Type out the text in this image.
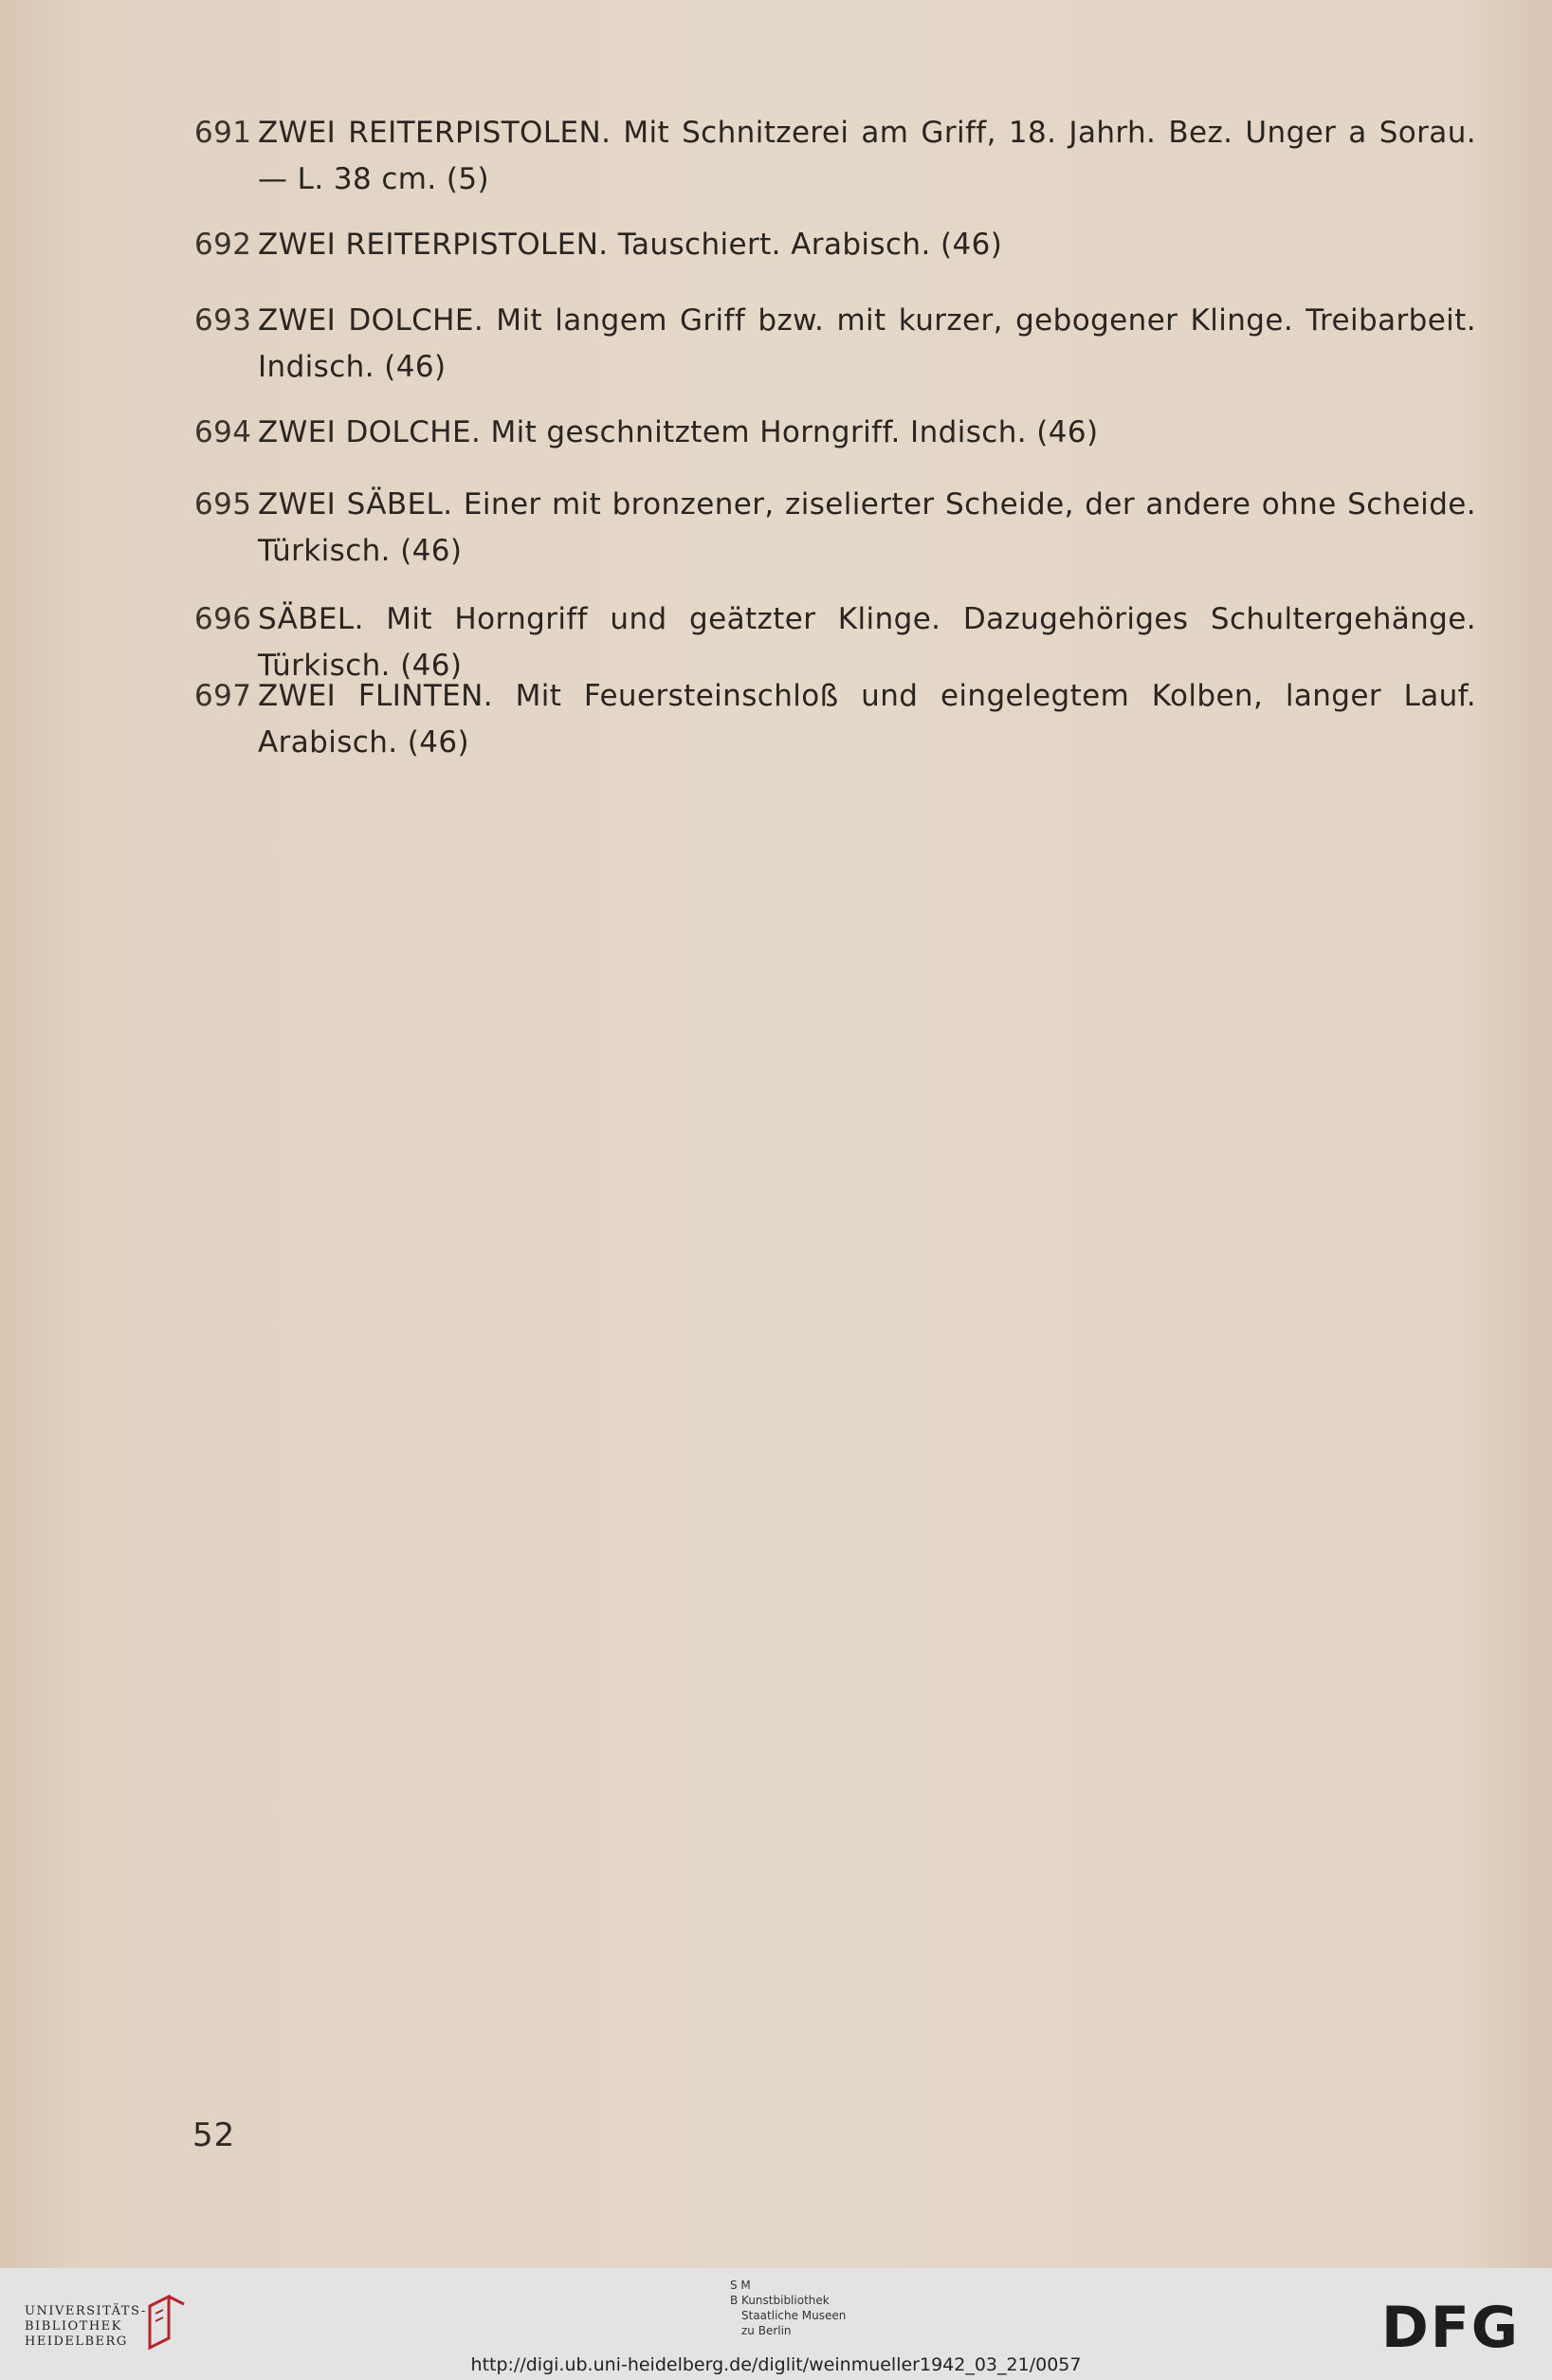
691 ZWEI REITERPISTOLEN. Mit Schnitzerei am Griff, 18. Jahrh. Bez. Unger a Sorau. — L. 38 cm. (5)
692 ZWEI REITERPISTOLEN. Tauschiert. Arabisch. (46)
693 ZWEI DOLCHE. Mit langem Griff bzw. mit kurzer, gebogener Klinge. Treibarbeit. Indisch. (46)
694 ZWEI DOLCHE. Mit geschnitztem Horngriff. Indisch. (46)
695 ZWEI SÄBEL. Einer mit bronzener, ziselierter Scheide, der andere ohne Scheide. Türkisch. (46)
696 SÄBEL. Mit Horngriff und geätzter Klinge. Dazugehöriges Schultergehänge. Türkisch. (46)
697 ZWEI FLINTEN. Mit Feuersteinschloß und eingelegtem Kolben, langer Lauf. Arabisch. (46)
52
UNIVERSITÄTS-
BIBLIOTHEK
HEIDELBERG
S M
B Kunstbibliothek
Staatliche Museen
zu Berlin	DFG
http://digi.ub.uni-heidelberg.de/diglit/weinmueller1942_03_21/0057
